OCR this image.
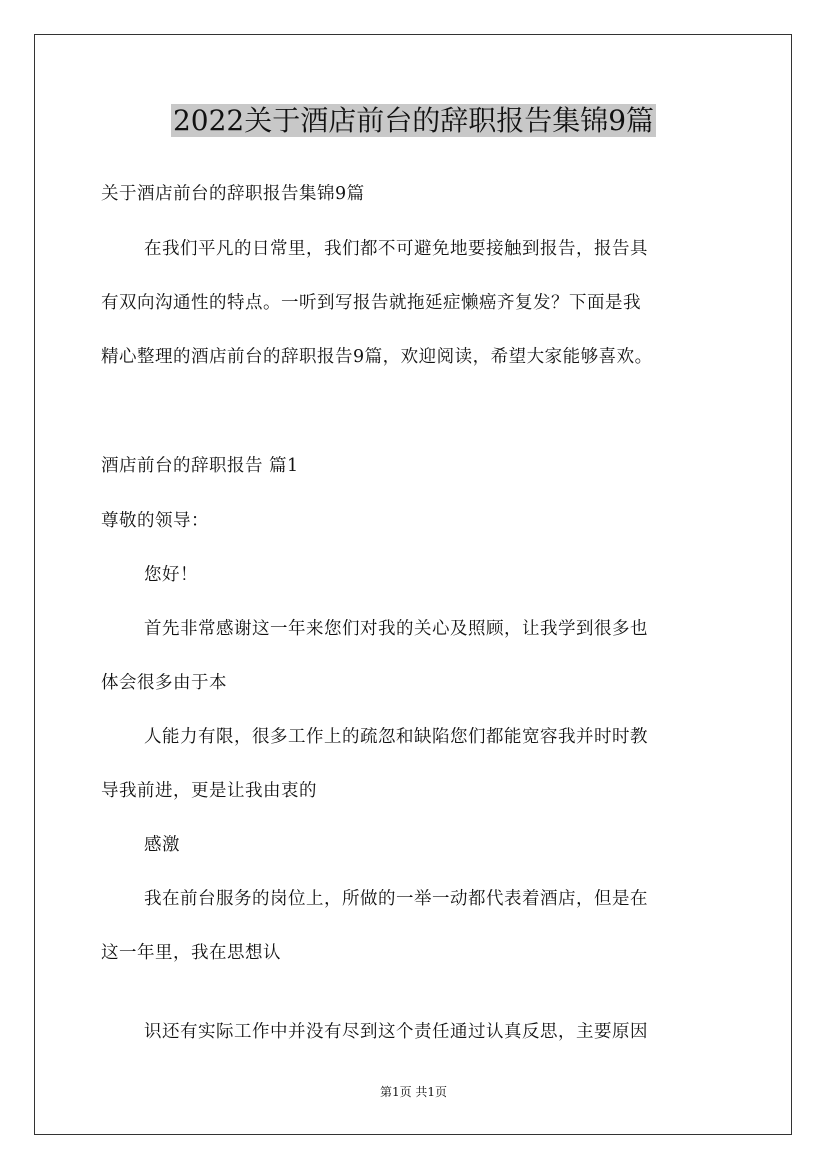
2022关于酒店前台的辞职报告集锦9篇
关于酒店前台的辞职报告集锦9篇
在我们平凡的日常里，我们都不可避免地要接触到报告，报告具
有双向沟通性的特点。一听到写报告就拖延症懒癌齐复发？下面是我
精心整理的酒店前台的辞职报告9篇，欢迎阅读，希望大家能够喜欢。
酒店前台的辞职报告 篇1
尊敬的领导：
您好！
首先非常感谢这一年来您们对我的关心及照顾，让我学到很多也
体会很多由于本
人能力有限，很多工作上的疏忽和缺陷您们都能宽容我并时时教
导我前进，更是让我由衷的
感激
我在前台服务的岗位上，所做的一举一动都代表着酒店，但是在
这一年里，我在思想认
识还有实际工作中并没有尽到这个责任通过认真反思，主要原因
第1页 共1页
